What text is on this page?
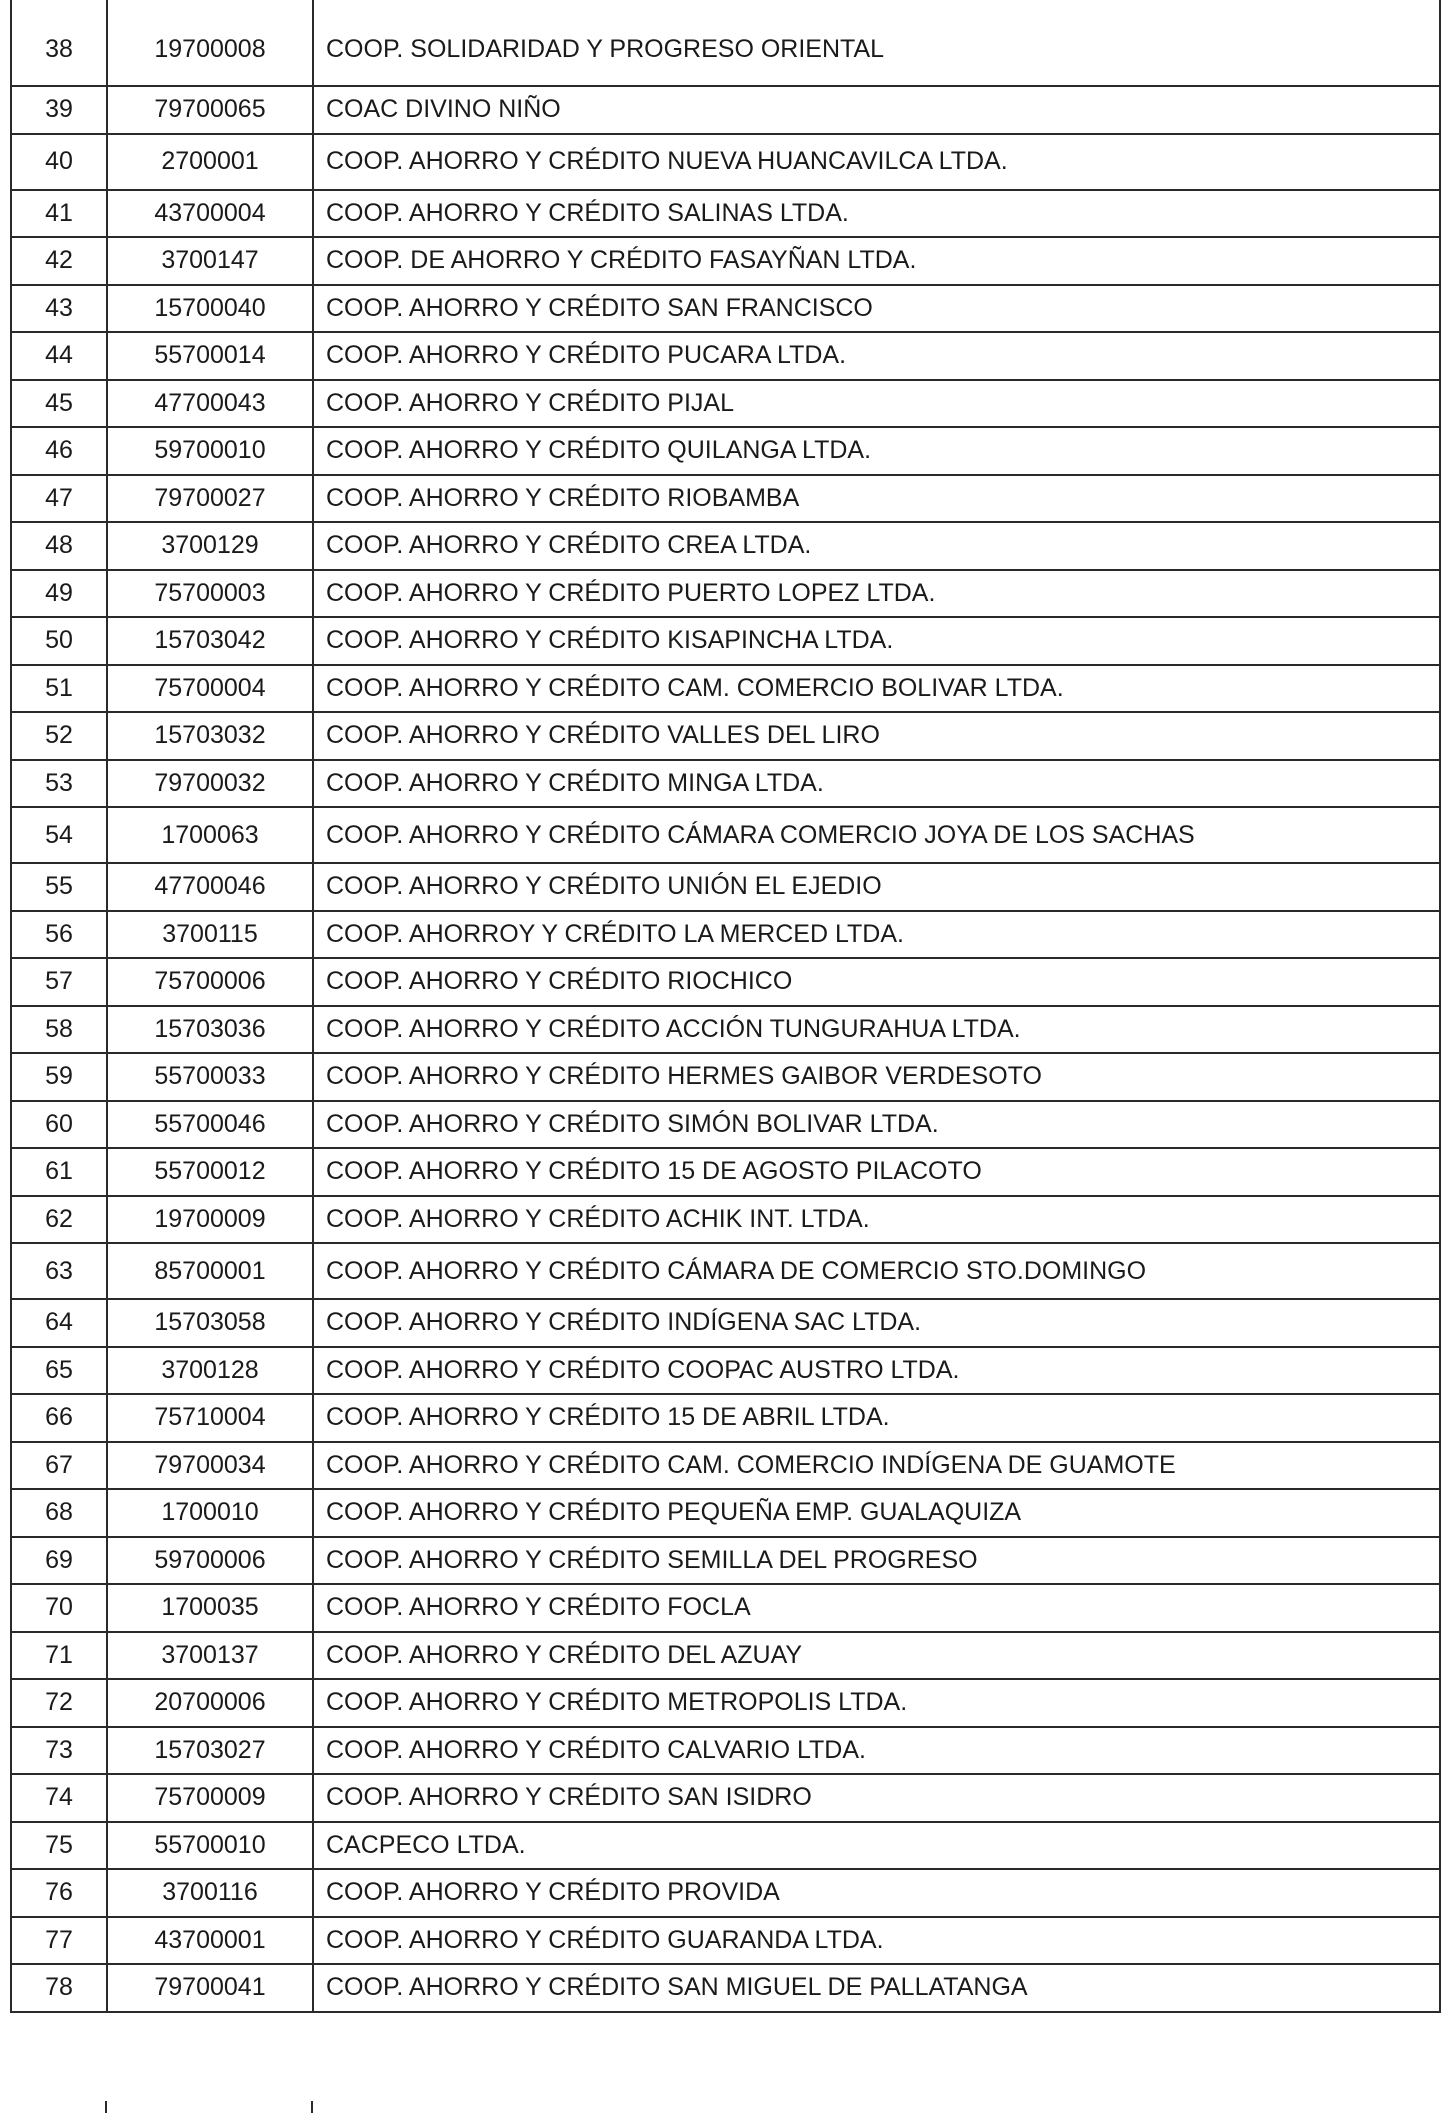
38	19700008	COOP. SOLIDARIDAD Y PROGRESO ORIENTAL
39	79700065	COAC DIVINO NIÑO
40	2700001	COOP. AHORRO Y CRÉDITO NUEVA HUANCAVILCA LTDA.
41	43700004	COOP. AHORRO Y CRÉDITO SALINAS LTDA.
42	3700147	COOP. DE AHORRO Y CRÉDITO FASAYÑAN LTDA.
43	15700040	COOP. AHORRO Y CRÉDITO SAN FRANCISCO
44	55700014	COOP. AHORRO Y CRÉDITO PUCARA LTDA.
45	47700043	COOP. AHORRO Y CRÉDITO PIJAL
46	59700010	COOP. AHORRO Y CRÉDITO QUILANGA LTDA.
47	79700027	COOP. AHORRO Y CRÉDITO RIOBAMBA
48	3700129	COOP. AHORRO Y CRÉDITO CREA LTDA.
49	75700003	COOP. AHORRO Y CRÉDITO PUERTO LOPEZ LTDA.
50	15703042	COOP. AHORRO Y CRÉDITO KISAPINCHA LTDA.
51	75700004	COOP. AHORRO Y CRÉDITO CAM. COMERCIO BOLIVAR LTDA.
52	15703032	COOP. AHORRO Y CRÉDITO VALLES DEL LIRO
53	79700032	COOP. AHORRO Y CRÉDITO MINGA LTDA.
54	1700063	COOP. AHORRO Y CRÉDITO CÁMARA COMERCIO JOYA DE LOS SACHAS
55	47700046	COOP. AHORRO Y CRÉDITO UNIÓN EL EJEDIO
56	3700115	COOP. AHORROY Y CRÉDITO LA MERCED LTDA.
57	75700006	COOP. AHORRO Y CRÉDITO RIOCHICO
58	15703036	COOP. AHORRO Y CRÉDITO ACCIÓN TUNGURAHUA LTDA.
59	55700033	COOP. AHORRO Y CRÉDITO HERMES GAIBOR VERDESOTO
60	55700046	COOP. AHORRO Y CRÉDITO SIMÓN BOLIVAR LTDA.
61	55700012	COOP. AHORRO Y CRÉDITO 15 DE AGOSTO PILACOTO
62	19700009	COOP. AHORRO Y CRÉDITO ACHIK INT. LTDA.
63	85700001	COOP. AHORRO Y CRÉDITO CÁMARA DE COMERCIO STO.DOMINGO
64	15703058	COOP. AHORRO Y CRÉDITO INDÍGENA SAC LTDA.
65	3700128	COOP. AHORRO Y CRÉDITO COOPAC AUSTRO LTDA.
66	75710004	COOP. AHORRO Y CRÉDITO 15 DE ABRIL LTDA.
67	79700034	COOP. AHORRO Y CRÉDITO CAM. COMERCIO INDÍGENA DE GUAMOTE
68	1700010	COOP. AHORRO Y CRÉDITO PEQUEÑA EMP. GUALAQUIZA
69	59700006	COOP. AHORRO Y CRÉDITO SEMILLA DEL PROGRESO
70	1700035	COOP. AHORRO Y CRÉDITO FOCLA
71	3700137	COOP. AHORRO Y CRÉDITO DEL AZUAY
72	20700006	COOP. AHORRO Y CRÉDITO METROPOLIS LTDA.
73	15703027	COOP. AHORRO Y CRÉDITO CALVARIO LTDA.
74	75700009	COOP. AHORRO Y CRÉDITO SAN ISIDRO
75	55700010	CACPECO LTDA.
76	3700116	COOP. AHORRO Y CRÉDITO PROVIDA
77	43700001	COOP. AHORRO Y CRÉDITO GUARANDA LTDA.
78	79700041	COOP. AHORRO Y CRÉDITO SAN MIGUEL DE PALLATANGA
